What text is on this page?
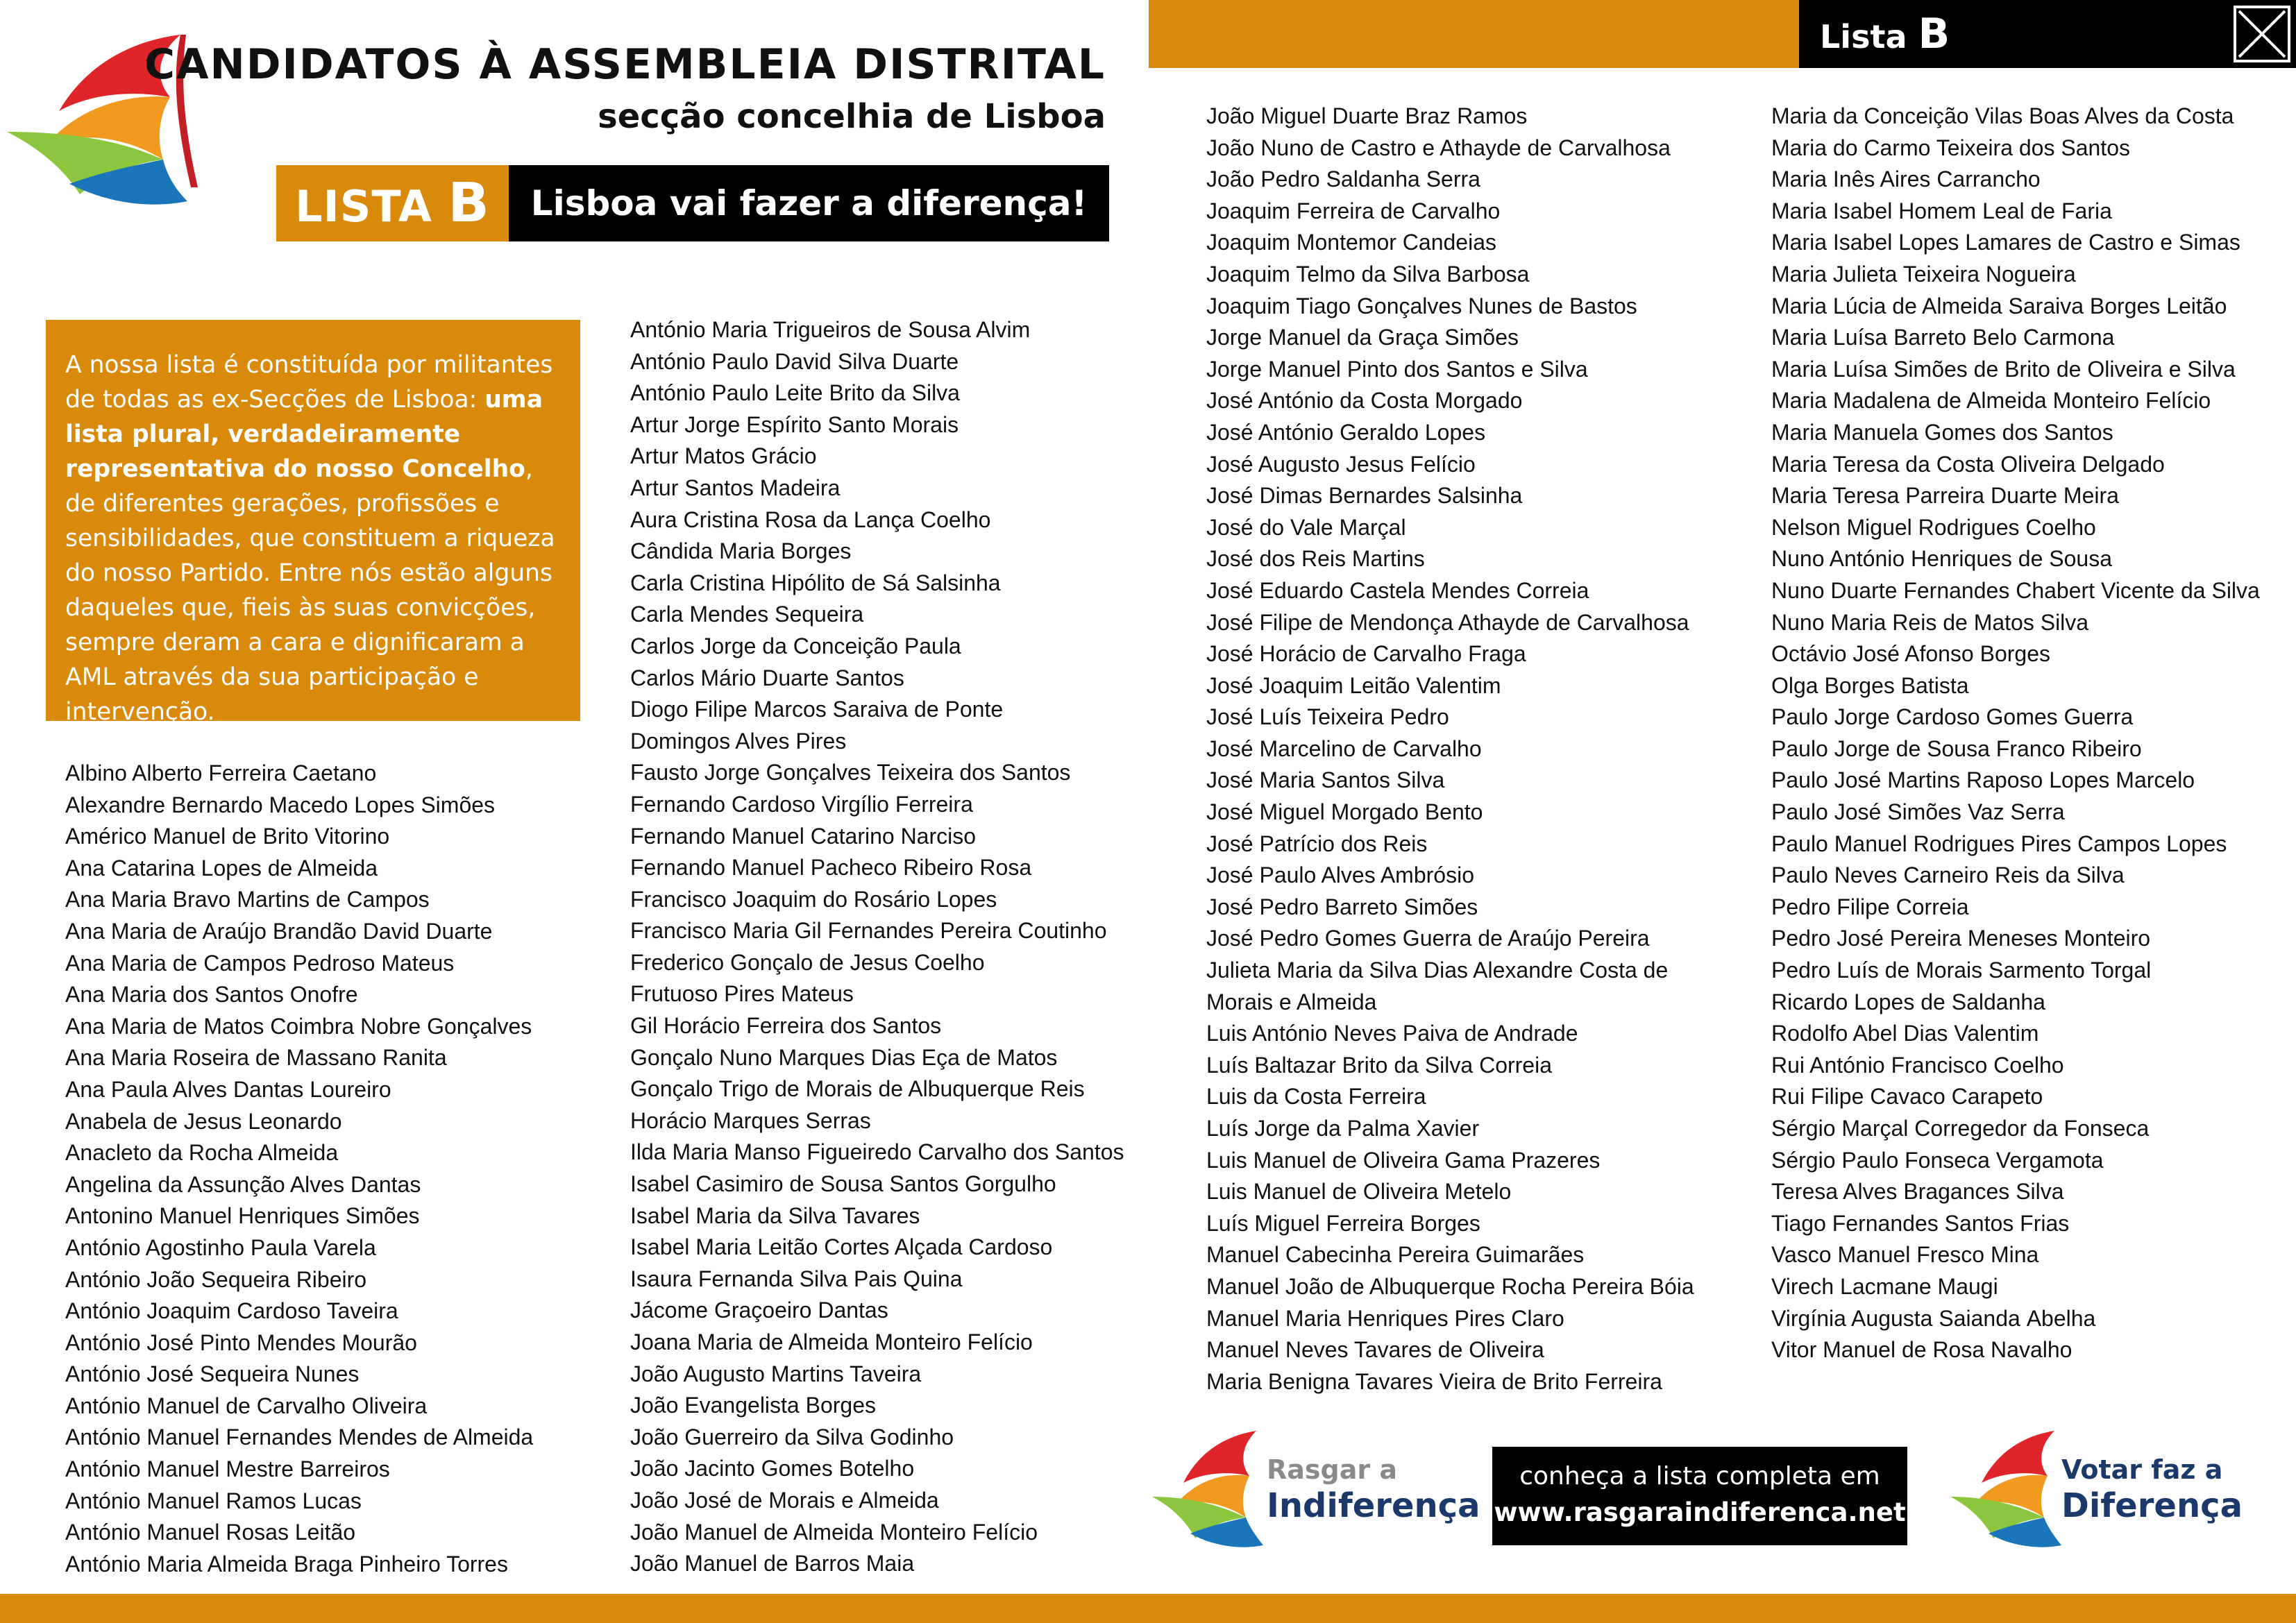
CANDIDATOS À ASSEMBLEIA DISTRITAL
secção concelhia de Lisboa
LISTA B	Lisboa vai fazer a diferença!
Lista B
A nossa lista é constituída por militantes de todas as ex-Secções de Lisboa: uma lista plural, verdadeiramente representativa do nosso Concelho, de diferentes gerações, profissões e sensibilidades, que constituem a riqueza do nosso Partido. Entre nós estão alguns daqueles que, fieis às suas convicções, sempre deram a cara e dignificaram a AML através da sua participação e intervenção.
Albino Alberto Ferreira Caetano
Alexandre Bernardo Macedo Lopes Simões
Américo Manuel de Brito Vitorino
Ana Catarina Lopes de Almeida
Ana Maria Bravo Martins de Campos
Ana Maria de Araújo Brandão David Duarte
Ana Maria de Campos Pedroso Mateus
Ana Maria dos Santos Onofre
Ana Maria de Matos Coimbra Nobre Gonçalves
Ana Maria Roseira de Massano Ranita
Ana Paula Alves Dantas Loureiro
Anabela de Jesus Leonardo
Anacleto da Rocha Almeida
Angelina da Assunção Alves Dantas
Antonino Manuel Henriques Simões
António Agostinho Paula Varela
António João Sequeira Ribeiro
António Joaquim Cardoso Taveira
António José Pinto Mendes Mourão
António José Sequeira Nunes
António Manuel de Carvalho Oliveira
António Manuel Fernandes Mendes de Almeida
António Manuel Mestre Barreiros
António Manuel Ramos Lucas
António Manuel Rosas Leitão
António Maria Almeida Braga Pinheiro Torres
António Maria Trigueiros de Sousa Alvim
António Paulo David Silva Duarte
António Paulo Leite Brito da Silva
Artur Jorge Espírito Santo Morais
Artur Matos Grácio
Artur Santos Madeira
Aura Cristina Rosa da Lança Coelho
Cândida Maria Borges
Carla Cristina Hipólito de Sá Salsinha
Carla Mendes Sequeira
Carlos Jorge da Conceição Paula
Carlos Mário Duarte Santos
Diogo Filipe Marcos Saraiva de Ponte
Domingos Alves Pires
Fausto Jorge Gonçalves Teixeira dos Santos
Fernando Cardoso Virgílio Ferreira
Fernando Manuel Catarino Narciso
Fernando Manuel Pacheco Ribeiro Rosa
Francisco Joaquim do Rosário Lopes
Francisco Maria Gil Fernandes Pereira Coutinho
Frederico Gonçalo de Jesus Coelho
Frutuoso Pires Mateus
Gil Horácio Ferreira dos Santos
Gonçalo Nuno Marques Dias Eça de Matos
Gonçalo Trigo de Morais de Albuquerque Reis
Horácio Marques Serras
Ilda Maria Manso Figueiredo Carvalho dos Santos
Isabel Casimiro de Sousa Santos Gorgulho
Isabel Maria da Silva Tavares
Isabel Maria Leitão Cortes Alçada Cardoso
Isaura Fernanda Silva Pais Quina
Jácome Graçoeiro Dantas
Joana Maria de Almeida Monteiro Felício
João Augusto Martins Taveira
João Evangelista Borges
João Guerreiro da Silva Godinho
João Jacinto Gomes Botelho
João José de Morais e Almeida
João Manuel de Almeida Monteiro Felício
João Manuel de Barros Maia
João Miguel Duarte Braz Ramos
João Nuno de Castro e Athayde de Carvalhosa
João Pedro Saldanha Serra
Joaquim Ferreira de Carvalho
Joaquim Montemor Candeias
Joaquim Telmo da Silva Barbosa
Joaquim Tiago Gonçalves Nunes de Bastos
Jorge Manuel da Graça Simões
Jorge Manuel Pinto dos Santos e Silva
José António da Costa Morgado
José António Geraldo Lopes
José Augusto Jesus Felício
José Dimas Bernardes Salsinha
José do Vale Marçal
José dos Reis Martins
José Eduardo Castela Mendes Correia
José Filipe de Mendonça Athayde de Carvalhosa
José Horácio de Carvalho Fraga
José Joaquim Leitão Valentim
José Luís Teixeira Pedro
José Marcelino de Carvalho
José Maria Santos Silva
José Miguel Morgado Bento
José Patrício dos Reis
José Paulo Alves Ambrósio
José Pedro Barreto Simões
José Pedro Gomes Guerra de Araújo Pereira
Julieta Maria da Silva Dias Alexandre Costa de
Morais e Almeida
Luis António Neves Paiva de Andrade
Luís Baltazar Brito da Silva Correia
Luis da Costa Ferreira
Luís Jorge da Palma Xavier
Luis Manuel de Oliveira Gama Prazeres
Luis Manuel de Oliveira Metelo
Luís Miguel Ferreira Borges
Manuel Cabecinha Pereira Guimarães
Manuel João de Albuquerque Rocha Pereira Bóia
Manuel Maria Henriques Pires Claro
Manuel Neves Tavares de Oliveira
Maria Benigna Tavares Vieira de Brito Ferreira
Maria da Conceição Vilas Boas Alves da Costa
Maria do Carmo Teixeira dos Santos
Maria Inês Aires Carrancho
Maria Isabel Homem Leal de Faria
Maria Isabel Lopes Lamares de Castro e Simas
Maria Julieta Teixeira Nogueira
Maria Lúcia de Almeida Saraiva Borges Leitão
Maria Luísa Barreto Belo Carmona
Maria Luísa Simões de Brito de Oliveira e Silva
Maria Madalena de Almeida Monteiro Felício
Maria Manuela Gomes dos Santos
Maria Teresa da Costa Oliveira Delgado
Maria Teresa Parreira Duarte Meira
Nelson Miguel Rodrigues Coelho
Nuno António Henriques de Sousa
Nuno Duarte Fernandes Chabert Vicente da Silva
Nuno Maria Reis de Matos Silva
Octávio José Afonso Borges
Olga Borges Batista
Paulo Jorge Cardoso Gomes Guerra
Paulo Jorge de Sousa Franco Ribeiro
Paulo José Martins Raposo Lopes Marcelo
Paulo José Simões Vaz Serra
Paulo Manuel Rodrigues Pires Campos Lopes
Paulo Neves Carneiro Reis da Silva
Pedro Filipe Correia
Pedro José Pereira Meneses Monteiro
Pedro Luís de Morais Sarmento Torgal
Ricardo Lopes de Saldanha
Rodolfo Abel Dias Valentim
Rui António Francisco Coelho
Rui Filipe Cavaco Carapeto
Sérgio Marçal Corregedor da Fonseca
Sérgio Paulo Fonseca Vergamota
Teresa Alves Bragances Silva
Tiago Fernandes Santos Frias
Vasco Manuel Fresco Mina
Virech Lacmane Maugi
Virgínia Augusta Saiandа Abelha
Vitor Manuel de Rosa Navalho
Rasgar a
Indiferença
conheça a lista completa em
www.rasgaraindiferenca.net
Votar faz a
Diferença
